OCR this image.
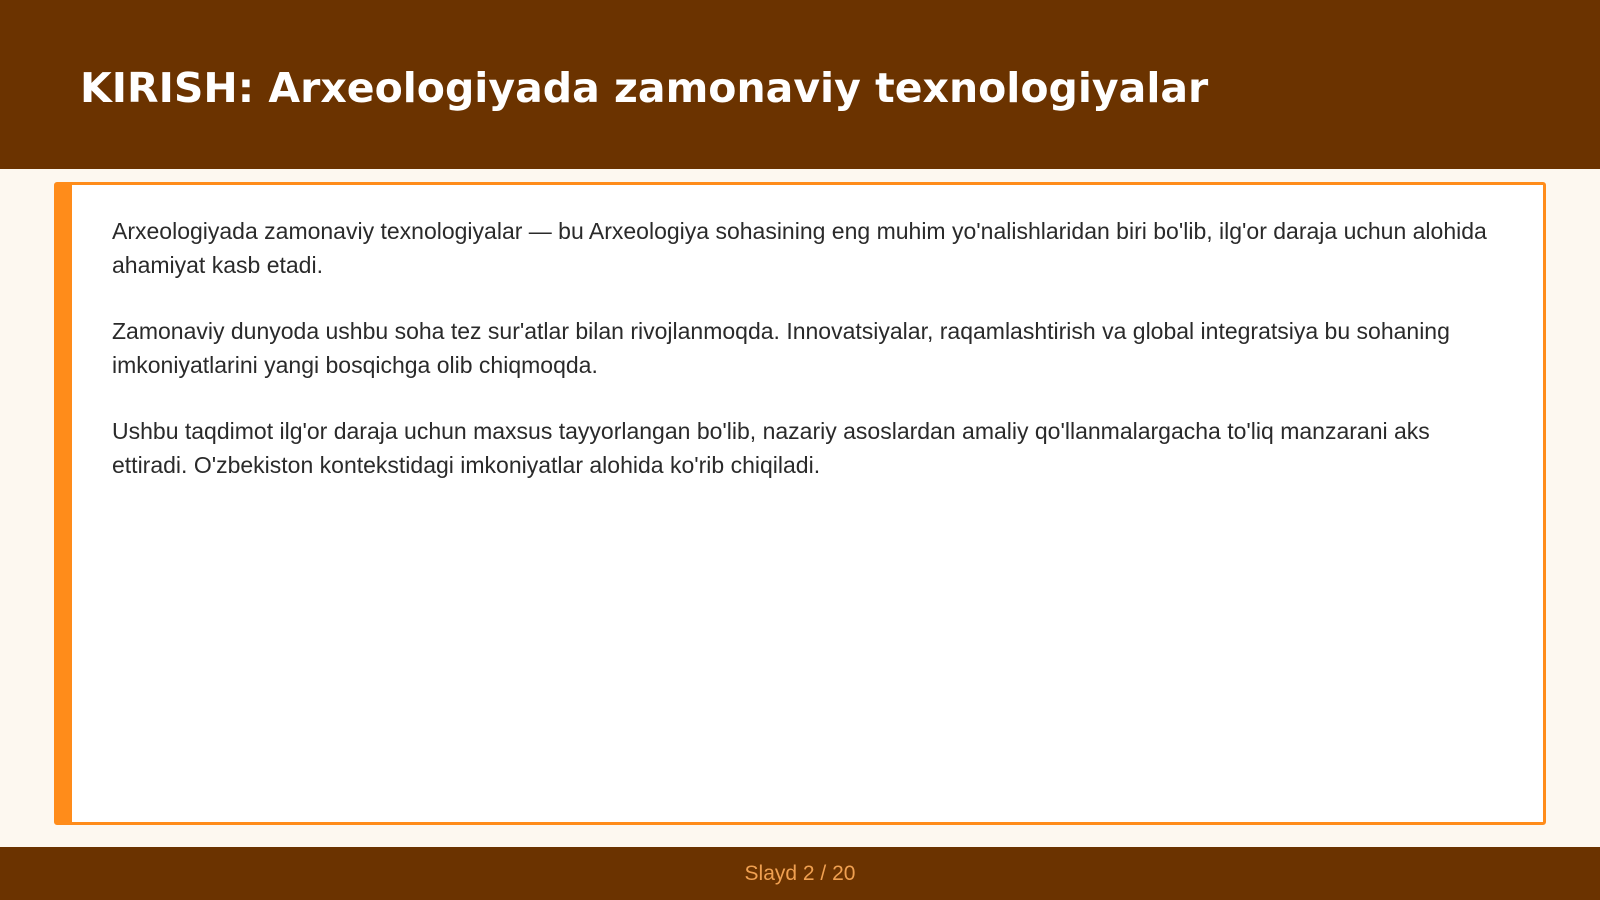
KIRISH: Arxeologiyada zamonaviy texnologiyalar

Arxeologiyada zamonaviy texnologiyalar — bu Arxeologiya sohasining eng muhim yo'nalishlaridan biri bo'lib, ilg'or daraja uchun alohida ahamiyat kasb etadi.

Zamonaviy dunyoda ushbu soha tez sur'atlar bilan rivojlanmoqda. Innovatsiyalar, raqamlashtirish va global integratsiya bu sohaning imkoniyatlarini yangi bosqichga olib chiqmoqda.

Ushbu taqdimot ilg'or daraja uchun maxsus tayyorlangan bo'lib, nazariy asoslardan amaliy qo'llanmalargacha to'liq manzarani aks ettiradi. O'zbekiston kontekstidagi imkoniyatlar alohida ko'rib chiqiladi.

Slayd 2 / 20
